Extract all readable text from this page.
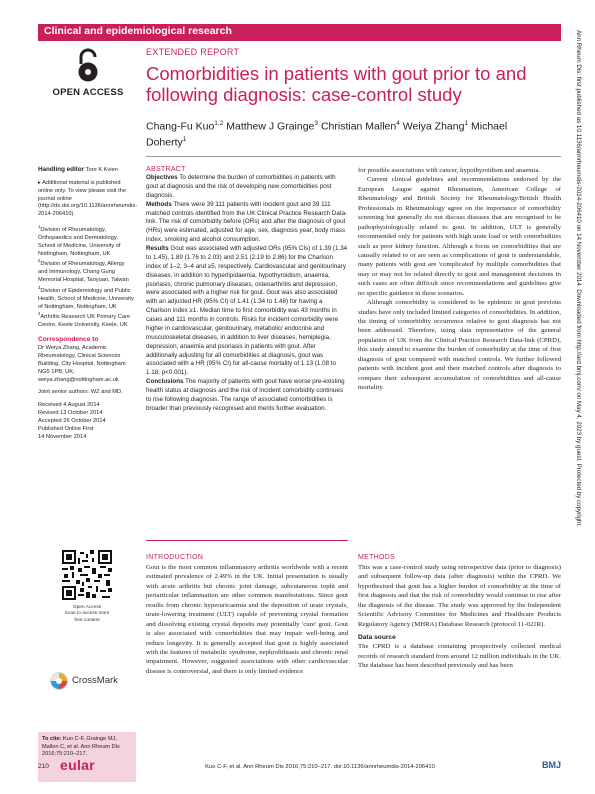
Clinical and epidemiological research
OPEN ACCESS
EXTENDED REPORT
Comorbidities in patients with gout prior to and following diagnosis: case-control study
Chang-Fu Kuo$^{1,2}$ Matthew J Grainge$^3$ Christian Mallen$^4$ Weiya Zhang$^1$ Michael Doherty$^1$
Handling editor Tore K Kvien
▸ Additional material is published online only. To view please visit the journal online (http://dx.doi.org/10.1136/annrheumdis-2014-206410).
$^1$Division of Rheumatology, Orthopaedics and Dermatology, School of Medicine, University of Nottingham, Nottingham, UK
$^2$Division of Rheumatology, Allergy and Immunology, Chang Gung Memorial Hospital, Taoyuan, Taiwan
$^3$Division of Epidemiology and Public Health, School of Medicine, University of Nottingham, Nottingham, UK
$^4$Arthritis Research UK Primary Care Centre, Keele University, Keele, UK
Correspondence to
Dr Weiya Zhang, Academic Rheumatology, Clinical Sciences Building, City Hospital, Nottingham NG5 1PB, UK; weiya.zhang@nottingham.ac.uk
Joint senior authors: WZ and MD.
Received 4 August 2014
Revised 13 October 2014
Accepted 26 October 2014
Published Online First
14 November 2014
Open Access
Scan to access more
free content
CrossMark
To cite: Kuo C-F, Grainge MJ, Mallen C, et al. Ann Rheum Dis 2016;75:210–217.
ABSTRACT

Objectives To determine the burden of comorbidities in patients with gout at diagnosis and the risk of developing new comorbidities post diagnosis.

Methods There were 39 111 patients with incident gout and 39 111 matched controls identified from the UK Clinical Practice Research Data-link. The risk of comorbidity before (ORs) and after the diagnosis of gout (HRs) were estimated, adjusted for age, sex, diagnosis year, body mass index, smoking and alcohol consumption.

Results Gout was associated with adjusted ORs (95% CIs) of 1.39 (1.34 to 1.45), 1.89 (1.76 to 2.03) and 2.51 (2.19 to 2.86) for the Charlson index of 1–2, 3–4 and ≥5, respectively. Cardiovascular and genitourinary diseases, in addition to hyperlipidaemia, hypothyroidism, anaemia, psoriasis, chronic pulmonary diseases, osteoarthritis and depression, were associated with a higher risk for gout. Gout was also associated with an adjusted HR (95% CI) of 1.41 (1.34 to 1.48) for having a Charlson index ≥1. Median time to first comorbidity was 43 months in cases and 111 months in controls. Risks for incident comorbidity were higher in cardiovascular, genitourinary, metabolic/ endocrine and musculoskeletal diseases, in addition to liver diseases, hemiplegia, depression, anaemia and psoriasis in patients with gout. After additionally adjusting for all comorbidities at diagnosis, gout was associated with a HR (95% CI) for all-cause mortality of 1.13 (1.08 to 1.18; p<0.001).

Conclusions The majority of patients with gout have worse pre-existing health status at diagnosis and the risk of incident comorbidity continues to rise following diagnosis. The range of associated comorbidities is broader than previously recognised and merits further evaluation.

INTRODUCTION

Gout is the most common inflammatory arthritis worldwide with a recent estimated prevalence of 2.49% in the UK. Initial presentation is usually with acute arthritis but chronic joint damage, subcutaneous tophi and periarticular inflammation are other common manifestations. Since gout results from chronic hyperuricaemia and the deposition of urate crystals, urate-lowering treatment (ULT) capable of preventing crystal formation and dissolving existing crystal deposits may potentially 'cure' gout. Gout is also associated with comorbidities that may impair well-being and reduce longevity. It is generally accepted that gout is highly associated with the features of metabolic syndrome, nephrolithiasis and chronic renal impairment. However, suggested associations with other cardiovascular disease is controversial, and there is only limited evidence

for possible associations with cancer, hypothyroidism and anaemia.

Current clinical guidelines and recommendations endorsed by the European League against Rheumatism, American College of Rheumatology and British Society for Rheumatology/British Health Professionals in Rheumatology agree on the importance of comorbidity screening but generally do not discuss diseases that are recognised to be pathophysiologically related to gout. In addition, ULT is generally recommended only for patients with high urate load or with comorbidities such as poor kidney function. Although a focus on comorbidities that are causally related to or are seen as complications of gout is understandable, many patients with gout are 'complicated' by multiple comorbidities that may or may not be related directly to gout and management decisions in such cases are often difficult since recommendations and guidelines give no specific guidance in these scenarios.

Although comorbidity is considered to be epidemic in gout previous studies have only included limited categories of comorbidities. In addition, the timing of comorbidity occurrence relative to gout diagnosis has not been addressed. Therefore, using data representative of the general population of UK from the Clinical Practice Research Data-link (CPRD), this study aimed to examine the burden of comorbidity at the time of first diagnosis of gout compared with matched controls. We further followed patients with incident gout and their matched controls after diagnosis to compare their subsequent accumulation of comorbidities and all-cause mortality.

METHODS

This was a case-control study using retrospective data (prior to diagnosis) and subsequent follow-up data (after diagnosis) within the CPRD. We hypothesised that gout has a higher burden of comorbidity at the time of first diagnosis and that the risk of comorbidity would continue to rise after the diagnosis of the disease. The study was approved by the Independent Scientific Advisory Committee for Medicines and Healthcare Products Regulatory Agency (MHRA) Database Research (protocol 11-021R).

Data source

The CPRD is a database containing prospectively collected medical records of research standard from around 12 million individuals in the UK. The database has been described previously and has been

Ann Rheum Dis: first published as 10.1136/annrheumdis-2014-206410 on 14 November 2014. Downloaded from http://ard.bmj.com/ on May 4, 2023 by guest. Protected by copyright.
210 eular	Kuo C-F, et al. Ann Rheum Dis 2016;75:210–217. doi:10.1136/annrheumdis-2014-206410	BMJ
